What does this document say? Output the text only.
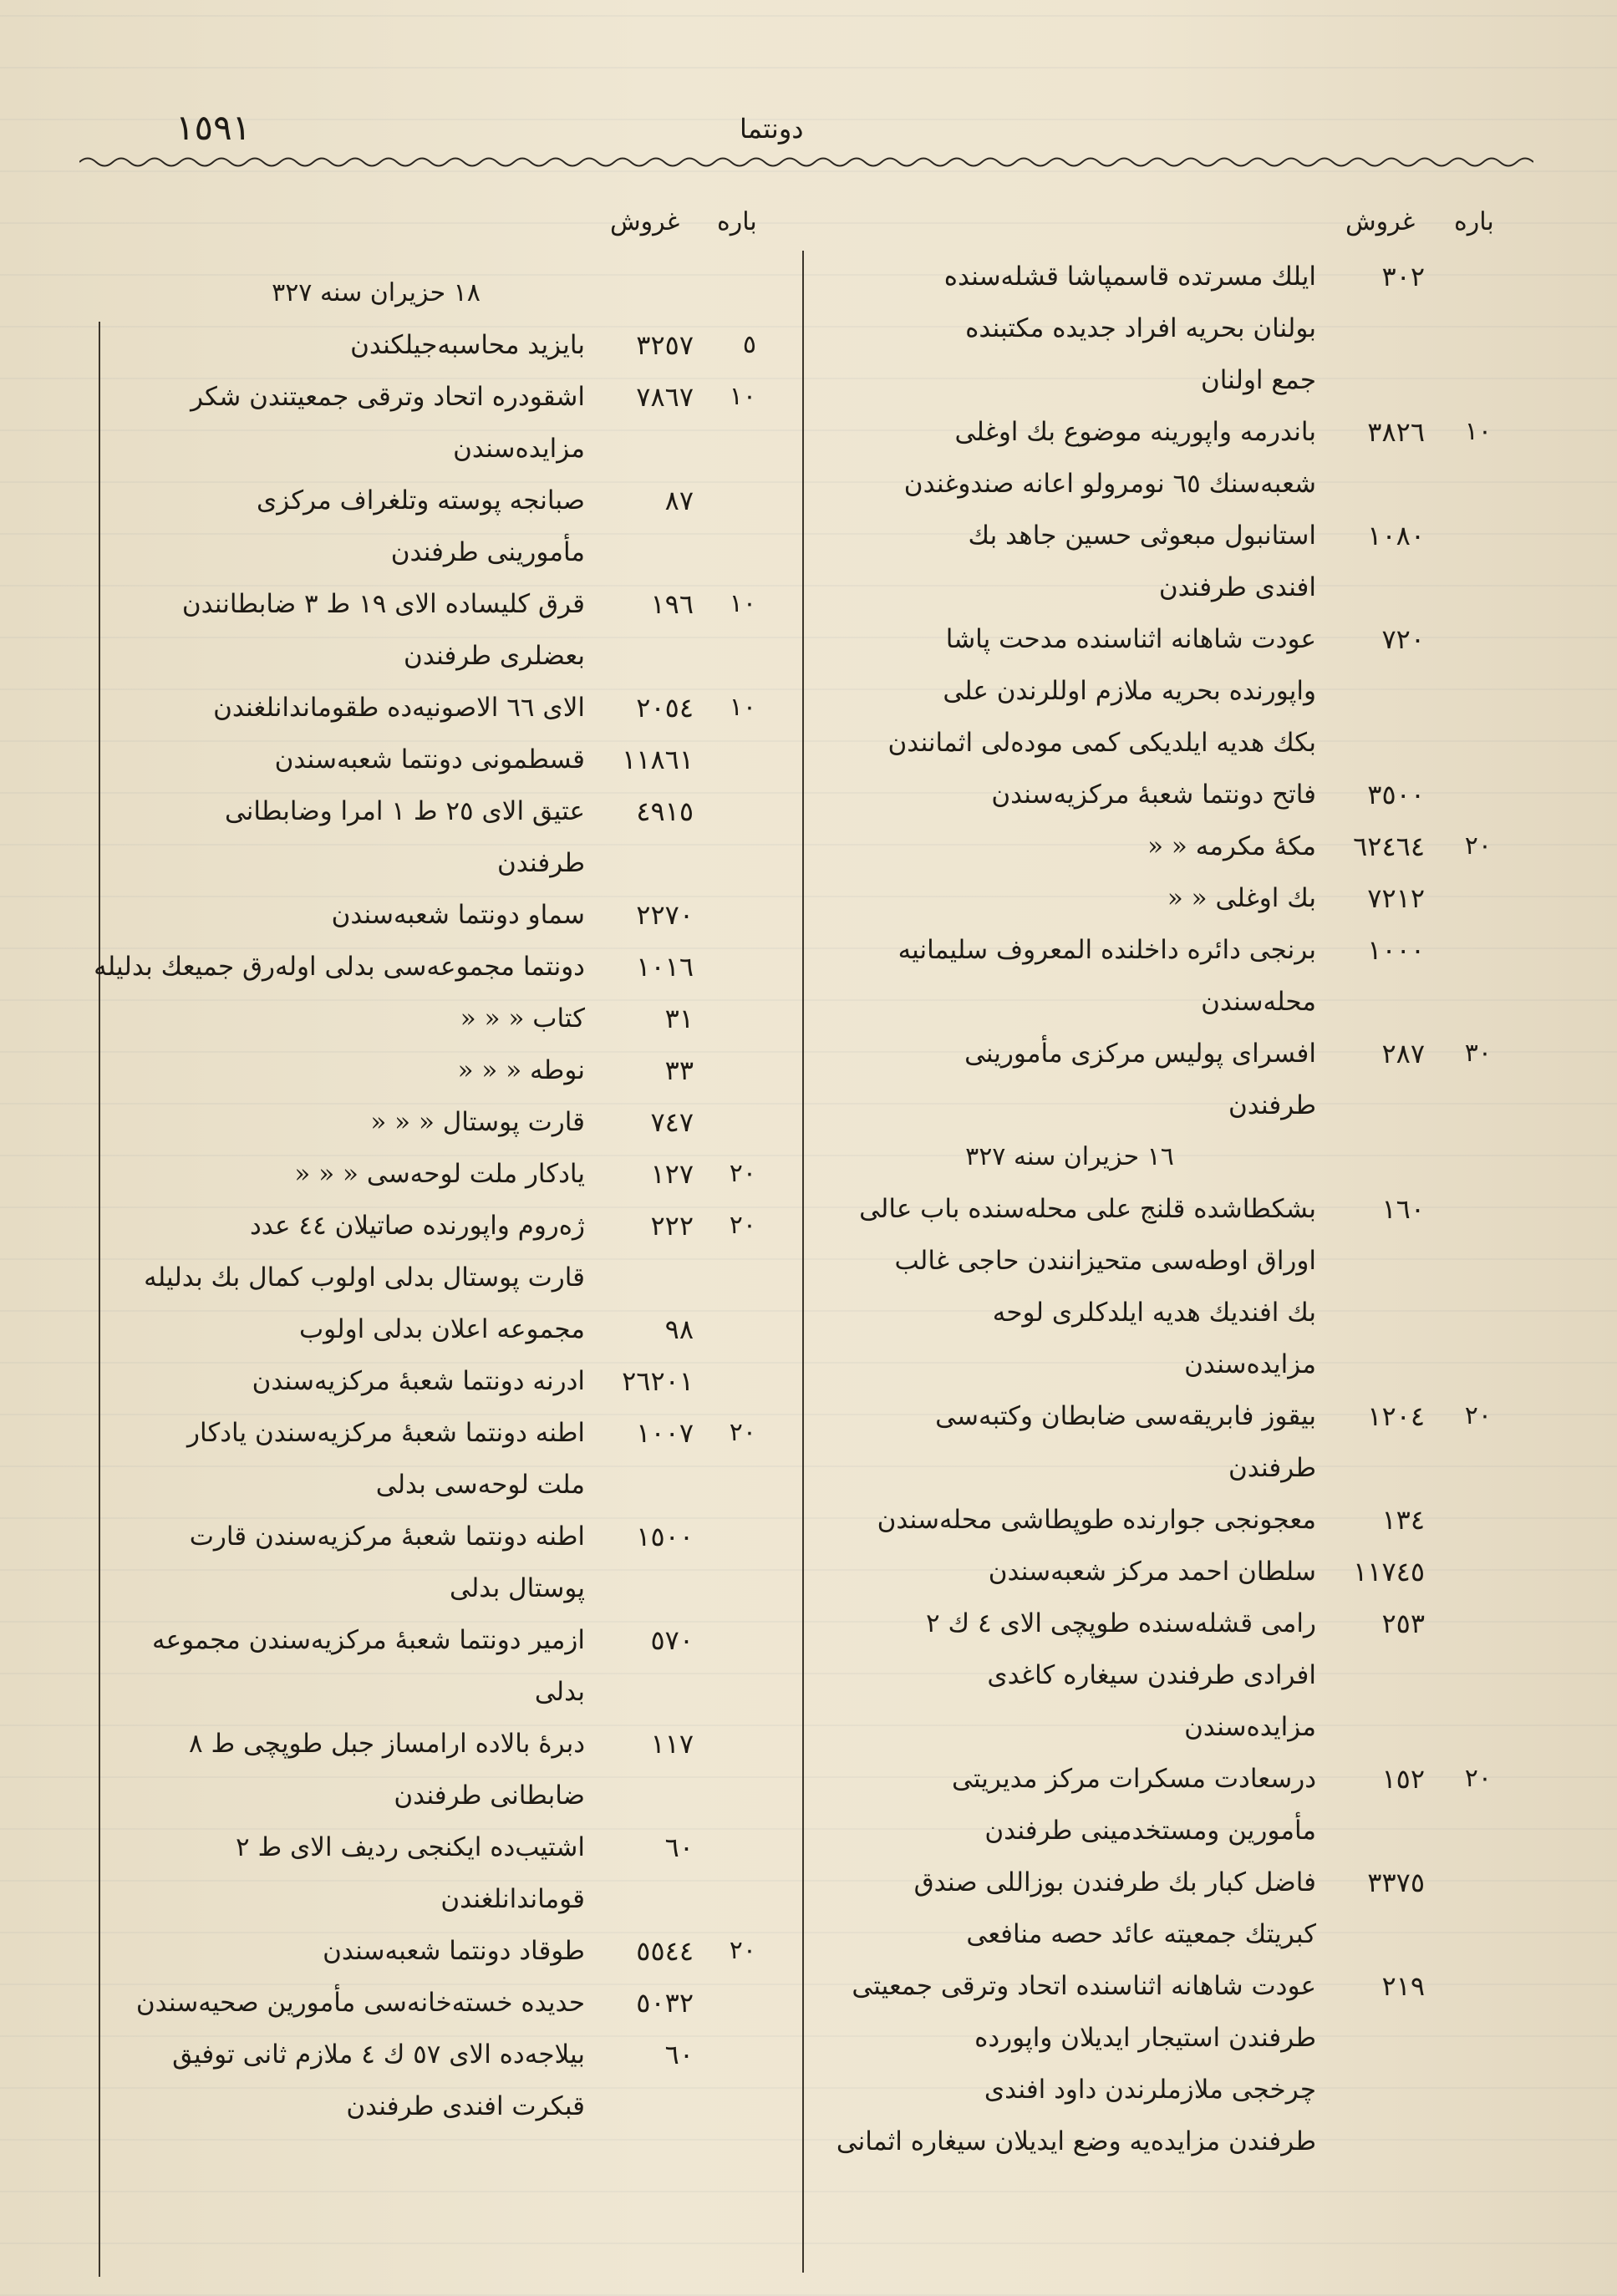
١٥٩١	دونتما
باره
غروش
باره
غروش
٣٠٢
ايلك مسرتده قاسمپاشا قشله‌سنده
بولنان بحريه افراد جديده مكتبنده
جمع اولنان
١٠
٣٨٢٦
باندرمه واپورينه موضوع بك اوغلى
شعبه‌سنك ٦٥ نومرولو اعانه صندوغندن
١٠٨٠
استانبول مبعوثى حسين جاهد بك
افندى طرفندن
٧٢٠
عودت شاهانه اثناسنده مدحت پاشا
واپورنده بحريه ملازم اوللرندن على
بكك هديه ايلديكى كمى موده‌لى اثمانندن
٣٥٠٠
فاتح دونتما شعبهٔ مركزيه‌سندن
٢٠
٦٢٤٦٤
مكهٔ مكرمه « «
٧٢١٢
بك اوغلى « «
١٠٠٠
برنجى دائره داخلنده المعروف سليمانيه
محله‌سندن
٣٠
٢٨٧
افسراى پوليس مركزى مأمورينى
طرفندن
١٦ حزيران سنه ٣٢٧
١٦٠
بشكطاشده قلنج على محله‌سنده باب عالى
اوراق اوطه‌سى متحيزانندن حاجى غالب
بك افنديك هديه ايلدكلرى لوحه
مزايده‌سندن
٢٠
١٢٠٤
بيقوز فابريقه‌سى ضابطان وكتبه‌سى
طرفندن
١٣٤
معجونجى جوارنده طوپطاشى محله‌سندن
١١٧٤٥
سلطان احمد مركز شعبه‌سندن
٢٥٣
رامى قشله‌سنده طوپچى الاى ٤ ك ٢
افرادى طرفندن سيغاره كاغدى
مزايده‌سندن
٢٠
١٥٢
درسعادت مسكرات مركز مديريتى
مأمورين ومستخدمينى طرفندن
٣٣٧٥
فاضل كبار بك طرفندن بوزاللى صندق
كبريتك جمعيته عائد حصه منافعى
٢١٩
عودت شاهانه اثناسنده اتحاد وترقى جمعيتى
طرفندن استيجار ايديلان واپورده
چرخجى ملازملرندن داود افندى
طرفندن مزايده‌يه وضع ايديلان سيغاره اثمانى
١٨ حزيران سنه ٣٢٧
٥
٣٢٥٧
بايزيد محاسبه‌جيلكندن
١٠
٧٨٦٧
اشقودره اتحاد وترقى جمعيتندن شكر
مزايده‌سندن
٨٧
صبانجه پوسته وتلغراف مركزى
مأمورينى طرفندن
١٠
١٩٦
قرق كليساده الاى ١٩ ط ٣ ضابطانندن
بعضلرى طرفندن
١٠
٢٠٥٤
الاى ٦٦ الاصونيه‌ده طقوماندانلغندن
١١٨٦١
قسطمونى دونتما شعبه‌سندن
٤٩١٥
عتيق الاى ٢٥ ط ١ امرا وضابطانى
طرفندن
٢٢٧٠
سماو دونتما شعبه‌سندن
١٠١٦
دونتما مجموعه‌سى بدلى اوله‌رق جميعك بدليله
٣١
كتاب « « «
٣٣
نوطه « « «
٧٤٧
قارت پوستال « « «
٢٠
١٢٧
يادكار ملت لوحه‌سى « « «
٢٠
٢٢٢
ژه‌روم واپورنده صاتيلان ٤٤ عدد
قارت پوستال بدلى اولوب كمال بك بدليله
٩٨
مجموعه اعلان بدلى اولوب
٢٦٢٠١
ادرنه دونتما شعبهٔ مركزيه‌سندن
٢٠
١٠٠٧
اطنه دونتما شعبهٔ مركزيه‌سندن يادكار
ملت لوحه‌سى بدلى
١٥٠٠
اطنه دونتما شعبهٔ مركزيه‌سندن قارت
پوستال بدلى
٥٧٠
ازمير دونتما شعبهٔ مركزيه‌سندن مجموعه
بدلى
١١٧
دبرهٔ بالاده ارامساز جبل طوپچى ط ٨
ضابطانى طرفندن
٦٠
اشتيب‌ده ايكنجى رديف الاى ط ٢
قوماندانلغندن
٢٠
٥٥٤٤
طوقاد دونتما شعبه‌سندن
٥٠٣٢
حديده خسته‌خانه‌سى مأمورين صحيه‌سندن
٦٠
بيلاجه‌ده الاى ٥٧ ك ٤ ملازم ثانى توفيق
قبكرت افندى طرفندن
